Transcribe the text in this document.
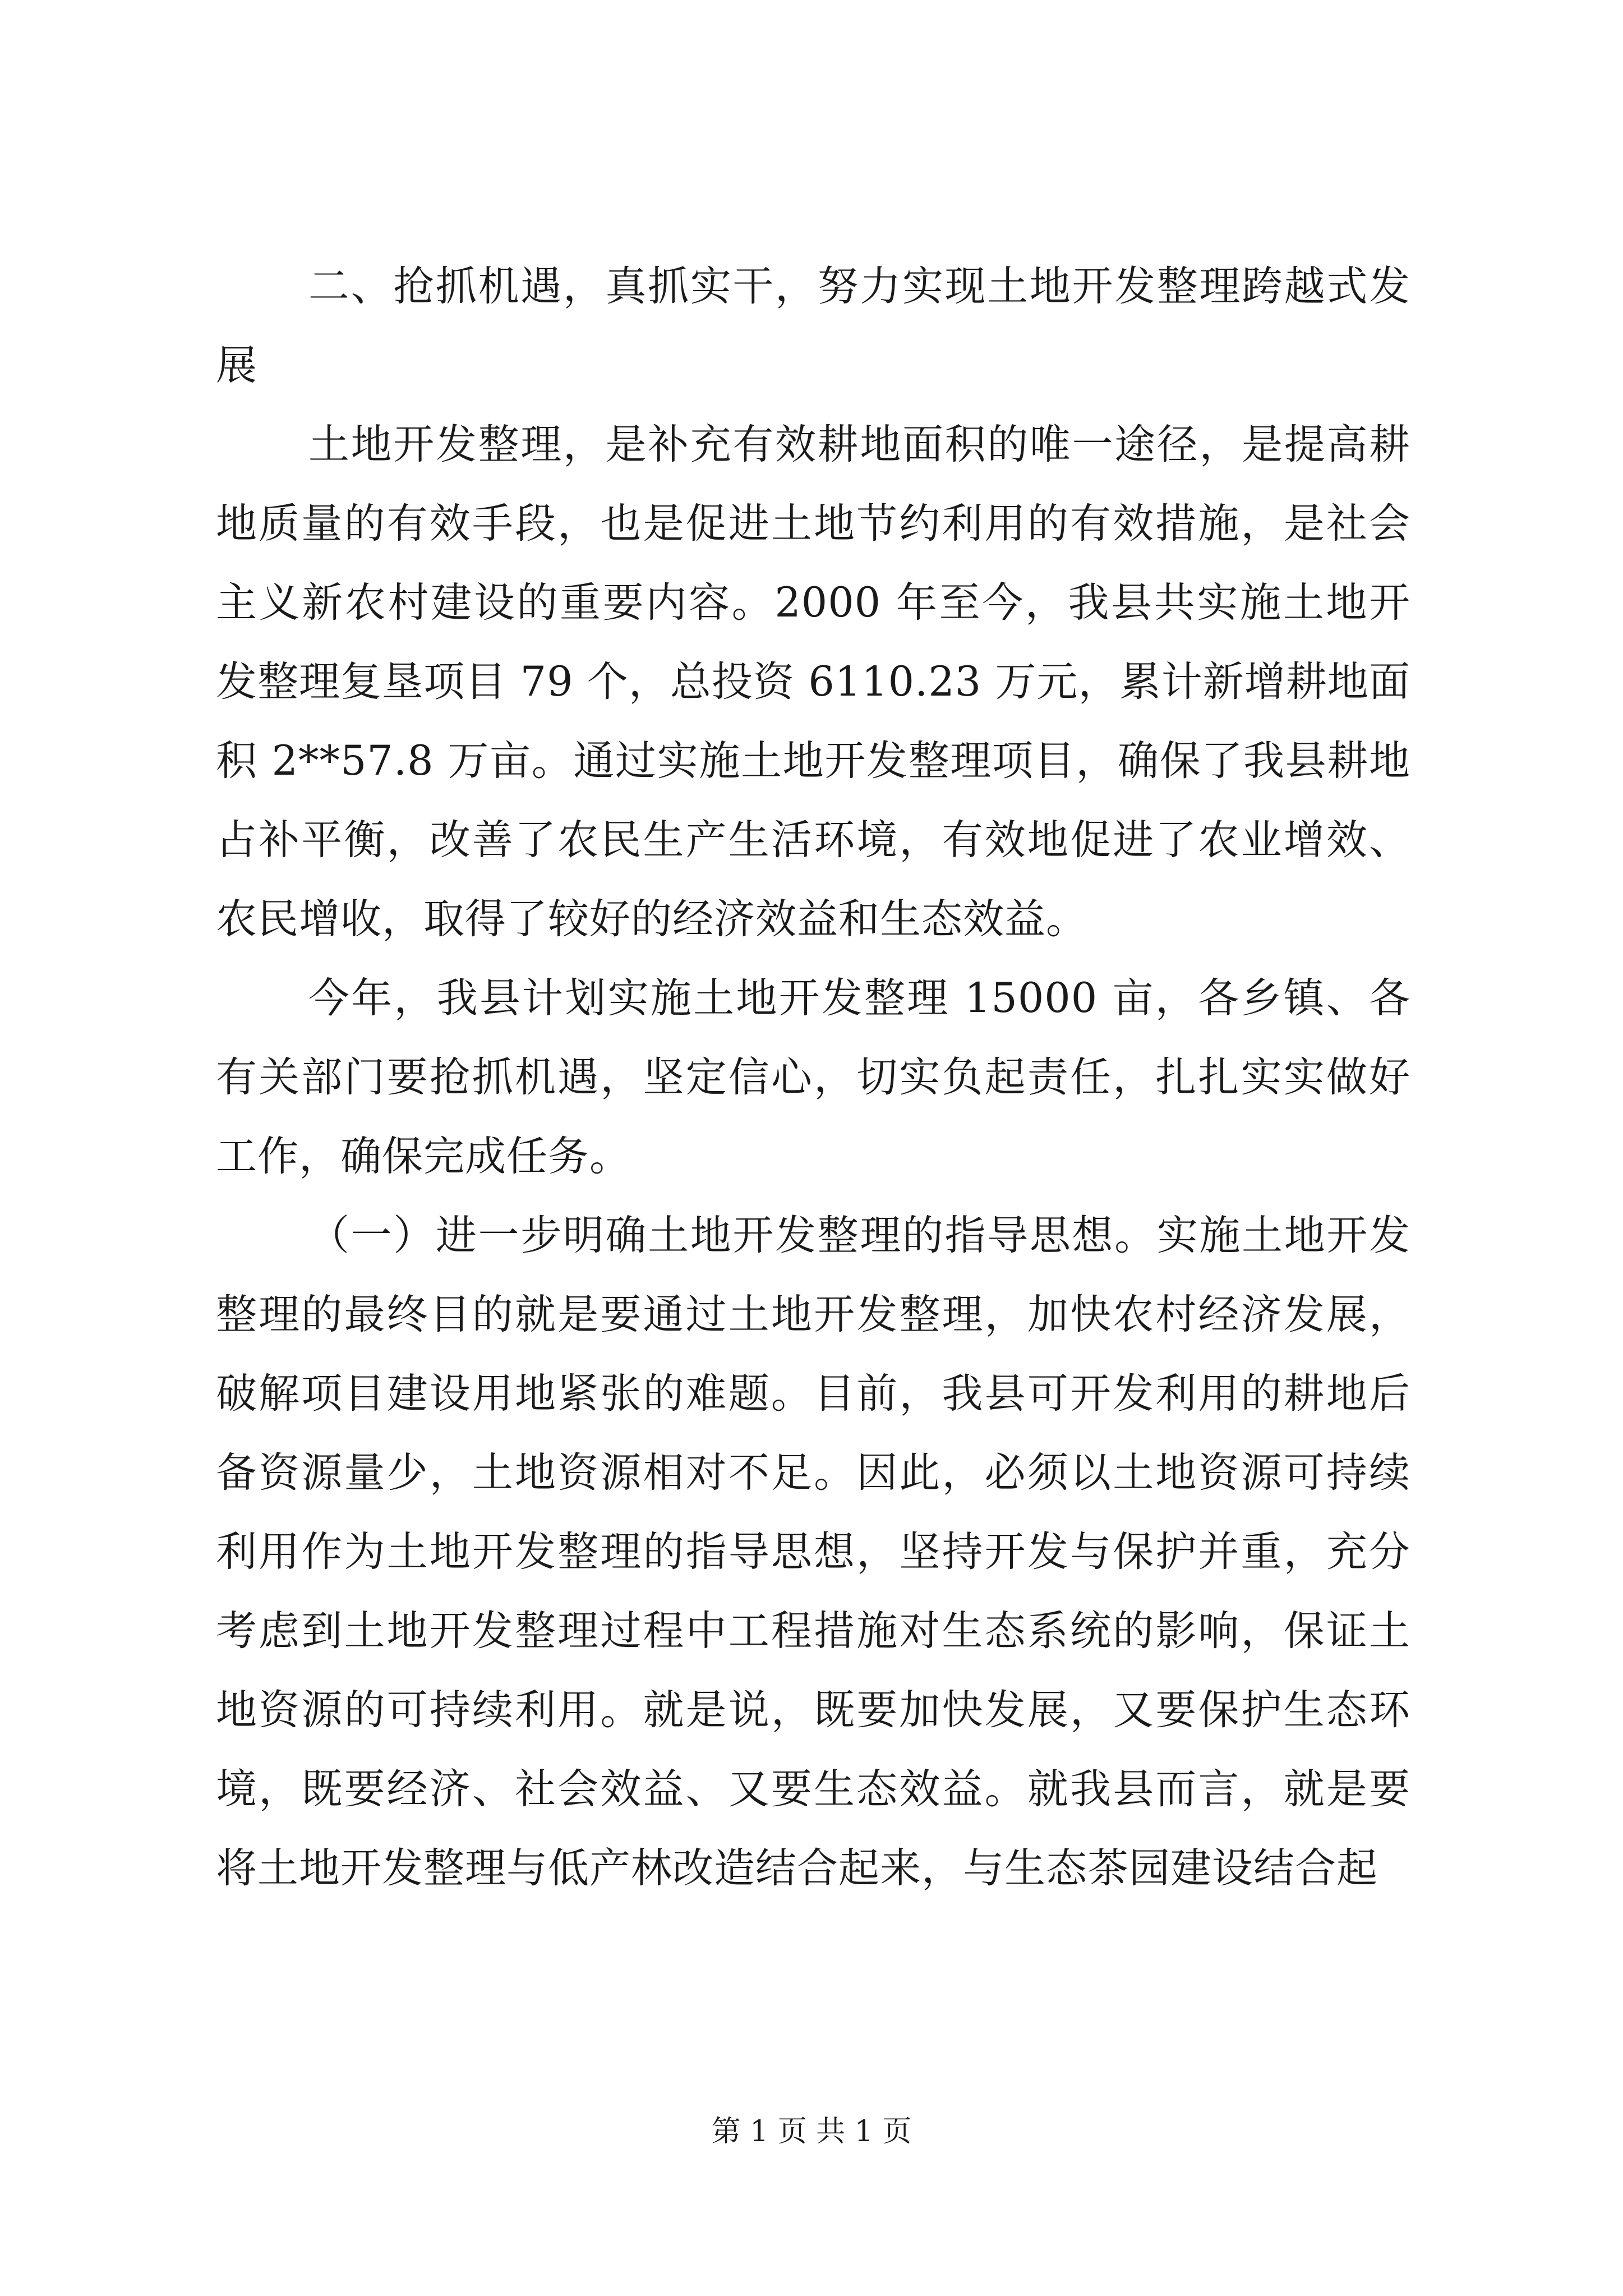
二、抢抓机遇，真抓实干，努力实现土地开发整理跨越式发展

土地开发整理，是补充有效耕地面积的唯一途径，是提高耕地质量的有效手段，也是促进土地节约利用的有效措施，是社会主义新农村建设的重要内容。2000 年至今，我县共实施土地开发整理复垦项目 79 个，总投资 6110.23 万元，累计新增耕地面积 2**57.8 万亩。通过实施土地开发整理项目，确保了我县耕地占补平衡，改善了农民生产生活环境，有效地促进了农业增效、农民增收，取得了较好的经济效益和生态效益。

今年，我县计划实施土地开发整理 15000 亩，各乡镇、各有关部门要抢抓机遇，坚定信心，切实负起责任，扎扎实实做好工作，确保完成任务。

（一）进一步明确土地开发整理的指导思想。实施土地开发整理的最终目的就是要通过土地开发整理，加快农村经济发展，破解项目建设用地紧张的难题。目前，我县可开发利用的耕地后备资源量少，土地资源相对不足。因此，必须以土地资源可持续利用作为土地开发整理的指导思想，坚持开发与保护并重，充分考虑到土地开发整理过程中工程措施对生态系统的影响，保证土地资源的可持续利用。就是说，既要加快发展，又要保护生态环境，既要经济、社会效益、又要生态效益。就我县而言，就是要将土地开发整理与低产林改造结合起来，与生态茶园建设结合起

第 1 页 共 1 页
